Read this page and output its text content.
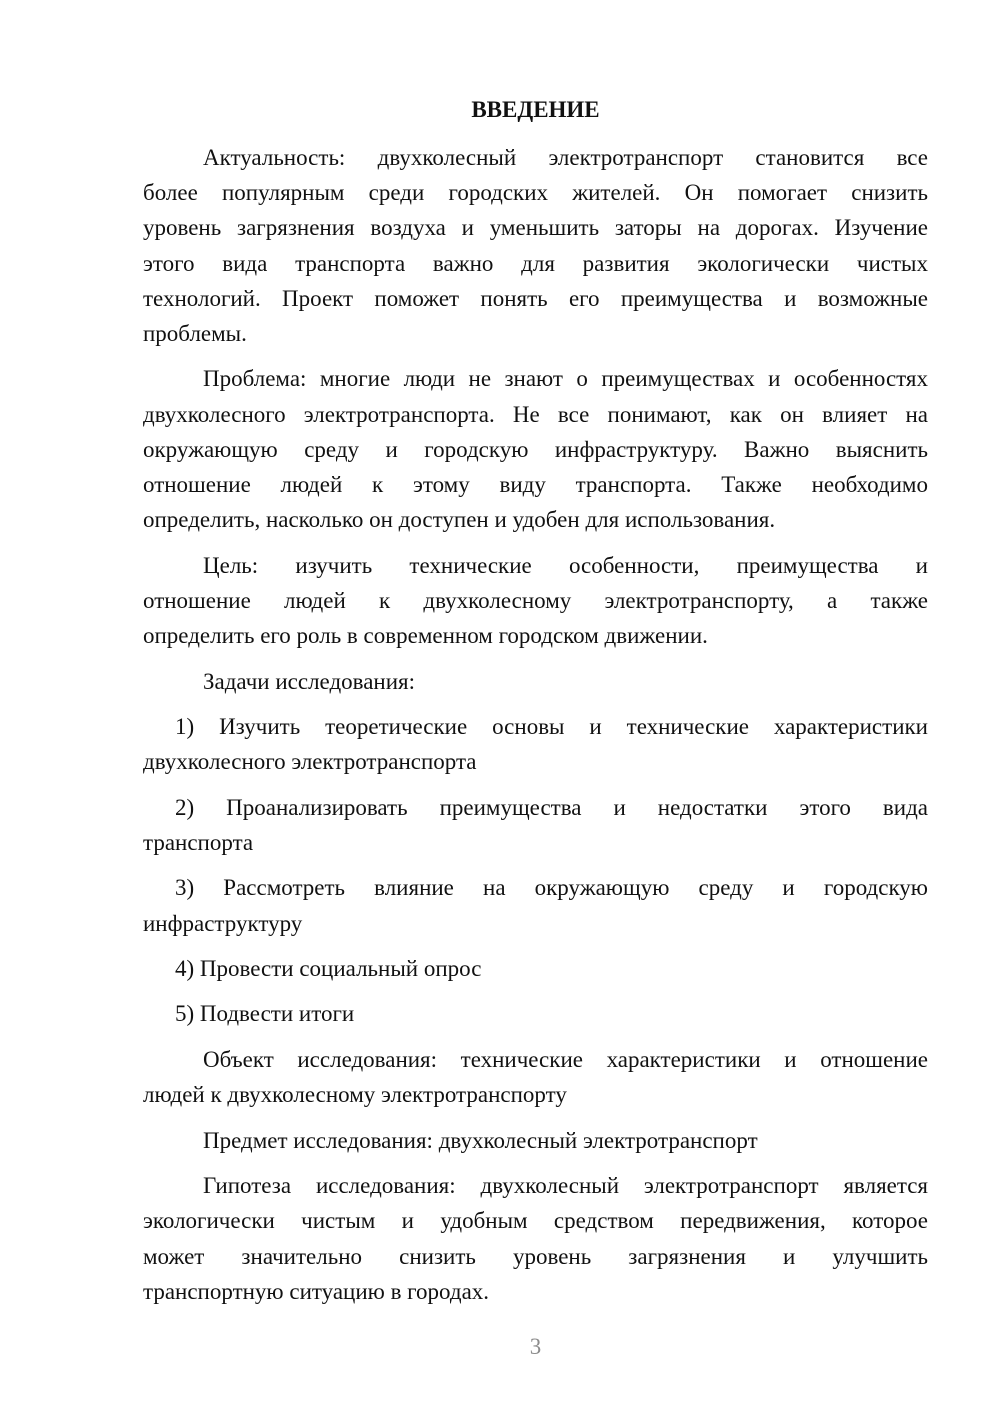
ВВЕДЕНИЕ
Актуальность: двухколесный электротранспорт становится все
более популярным среди городских жителей. Он помогает снизить
уровень загрязнения воздуха и уменьшить заторы на дорогах. Изучение
этого вида транспорта важно для развития экологически чистых
технологий. Проект поможет понять его преимущества и возможные
проблемы.
Проблема: многие люди не знают о преимуществах и особенностях
двухколесного электротранспорта. Не все понимают, как он влияет на
окружающую среду и городскую инфраструктуру. Важно выяснить
отношение людей к этому виду транспорта. Также необходимо
определить, насколько он доступен и удобен для использования.
Цель: изучить технические особенности, преимущества и
отношение людей к двухколесному электротранспорту, а также
определить его роль в современном городском движении.
Задачи исследования:
1) Изучить теоретические основы и технические характеристики
двухколесного электротранспорта
2) Проанализировать преимущества и недостатки этого вида
транспорта
3) Рассмотреть влияние на окружающую среду и городскую
инфраструктуру
4) Провести социальный опрос
5) Подвести итоги
Объект исследования: технические характеристики и отношение
людей к двухколесному электротранспорту
Предмет исследования: двухколесный электротранспорт
Гипотеза исследования: двухколесный электротранспорт является
экологически чистым и удобным средством передвижения, которое
может значительно снизить уровень загрязнения и улучшить
транспортную ситуацию в городах.
3
